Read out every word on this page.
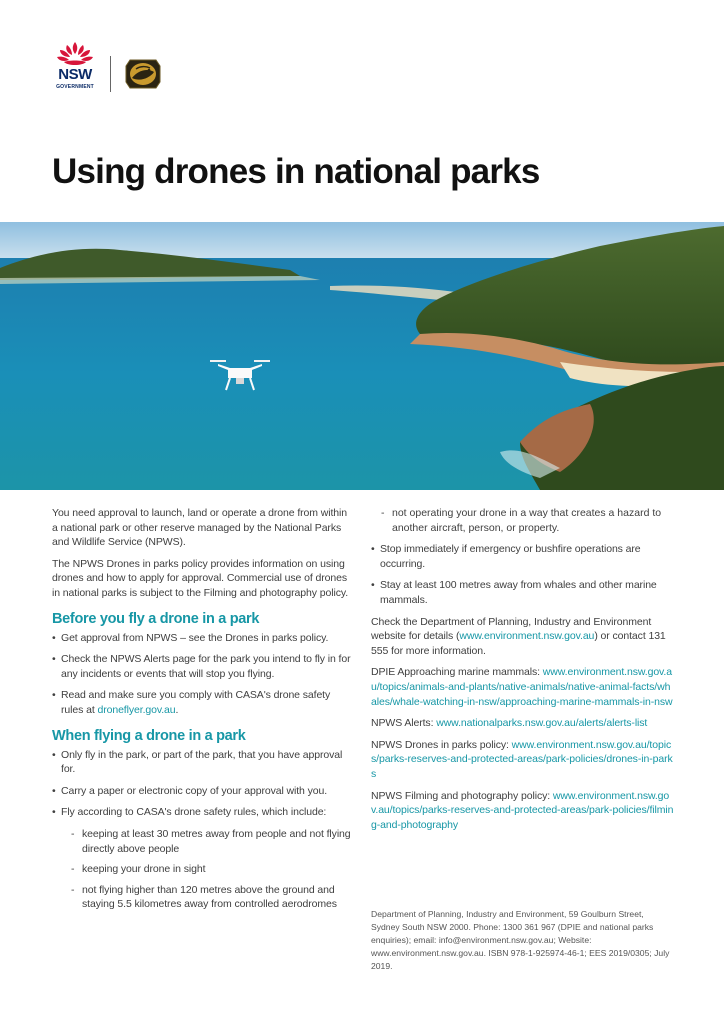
NSW
GOVERNMENT
Using drones in national parks
Photo: J Spencer/OEH

You need approval to launch, land or operate a drone from within a national park or other reserve managed by the National Parks and Wildlife Service (NPWS).

The NPWS Drones in parks policy provides information on using drones and how to apply for approval. Commercial use of drones in national parks is subject to the Filming and photography policy.

Before you fly a drone in a park
• Get approval from NPWS – see the Drones in parks policy.
• Check the NPWS Alerts page for the park you intend to fly in for any incidents or events that will stop you flying.
• Read and make sure you comply with CASA's drone safety rules at droneflyer.gov.au.
When flying a drone in a park
• Only fly in the park, or part of the park, that you have approval for.
• Carry a paper or electronic copy of your approval with you.
• Fly according to CASA's drone safety rules, which include:
- keeping at least 30 metres away from people and not flying directly above people
- keeping your drone in sight
- not flying higher than 120 metres above the ground and staying 5.5 kilometres away from controlled aerodromes
- not operating your drone in a way that creates a hazard to another aircraft, person, or property.
• Stop immediately if emergency or bushfire operations are occurring.
• Stay at least 100 metres away from whales and other marine mammals.

Check the Department of Planning, Industry and Environment website for details (www.environment.nsw.gov.au) or contact 131 555 for more information.

DPIE Approaching marine mammals: www.environment.nsw.gov.au/topics/animals-and-plants/native-animals/native-animal-facts/whales/whale-watching-in-nsw/approaching-marine-mammals-in-nsw

NPWS Alerts: www.nationalparks.nsw.gov.au/alerts/alerts-list

NPWS Drones in parks policy: www.environment.nsw.gov.au/topics/parks-reserves-and-protected-areas/park-policies/drones-in-parks

NPWS Filming and photography policy: www.environment.nsw.gov.au/topics/parks-reserves-and-protected-areas/park-policies/filming-and-photography

Department of Planning, Industry and Environment, 59 Goulburn Street, Sydney South NSW 2000. Phone: 1300 361 967 (DPIE and national parks enquiries); email: info@environment.nsw.gov.au; Website: www.environment.nsw.gov.au. ISBN 978-1-925974-46-1; EES 2019/0305; July 2019.
